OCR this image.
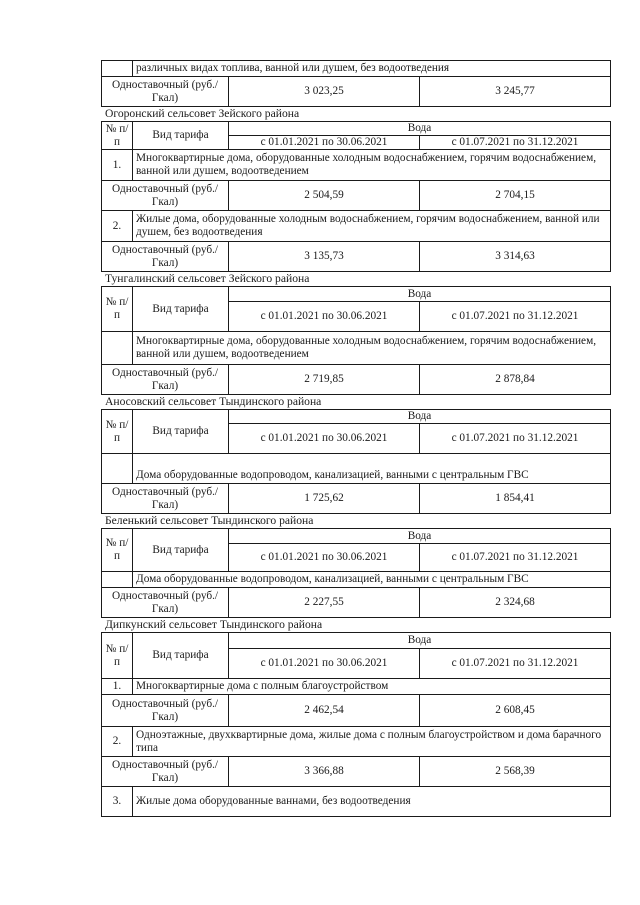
	различных видах топлива, ванной или душем, без водоотведения		
Одноставочный (руб./Гкал)		3 023,25	3 245,77
Огоронский сельсовет Зейского района
№ п/п	Вид тарифа	Вода	
		с 01.01.2021 по 30.06.2021	с 01.07.2021 по 31.12.2021
1.	Многоквартирные дома, оборудованные холодным водоснабжением, горячим водоснабжением, ванной или душем, водоотведением		
Одноставочный (руб./Гкал)		2 504,59	2 704,15
2.	Жилые дома, оборудованные холодным водоснабжением, горячим водоснабжением, ванной или душем, без водоотведения		
Одноставочный (руб./Гкал)		3 135,73	3 314,63
Тунгалинский сельсовет Зейского района
№ п/п	Вид тарифа	Вода	
		с 01.01.2021 по 30.06.2021	с 01.07.2021 по 31.12.2021
	Многоквартирные дома, оборудованные холодным водоснабжением, горячим водоснабжением, ванной или душем, водоотведением		
Одноставочный (руб./Гкал)		2 719,85	2 878,84
Аносовский сельсовет Тындинского района
№ п/п	Вид тарифа	Вода	
		с 01.01.2021 по 30.06.2021	с 01.07.2021 по 31.12.2021
	Дома оборудованные водопроводом, канализацией, ванными с центральным ГВС		
Одноставочный (руб./Гкал)		1 725,62	1 854,41
Беленький сельсовет Тындинского района
№ п/п	Вид тарифа	Вода	
		с 01.01.2021 по 30.06.2021	с 01.07.2021 по 31.12.2021
	Дома оборудованные водопроводом, канализацией, ванными с центральным ГВС		
Одноставочный (руб./Гкал)		2 227,55	2 324,68
Дипкунский сельсовет Тындинского района
№ п/п	Вид тарифа	Вода	
		с 01.01.2021 по 30.06.2021	с 01.07.2021 по 31.12.2021
1.	Многоквартирные дома с полным благоустройством		
Одноставочный (руб./Гкал)		2 462,54	2 608,45
2.	Одноэтажные, двухквартирные дома, жилые дома с полным благоустройством и дома барачного типа		
Одноставочный (руб./Гкал)		3 366,88	2 568,39
3.	Жилые дома оборудованные ваннами, без водоотведения		
